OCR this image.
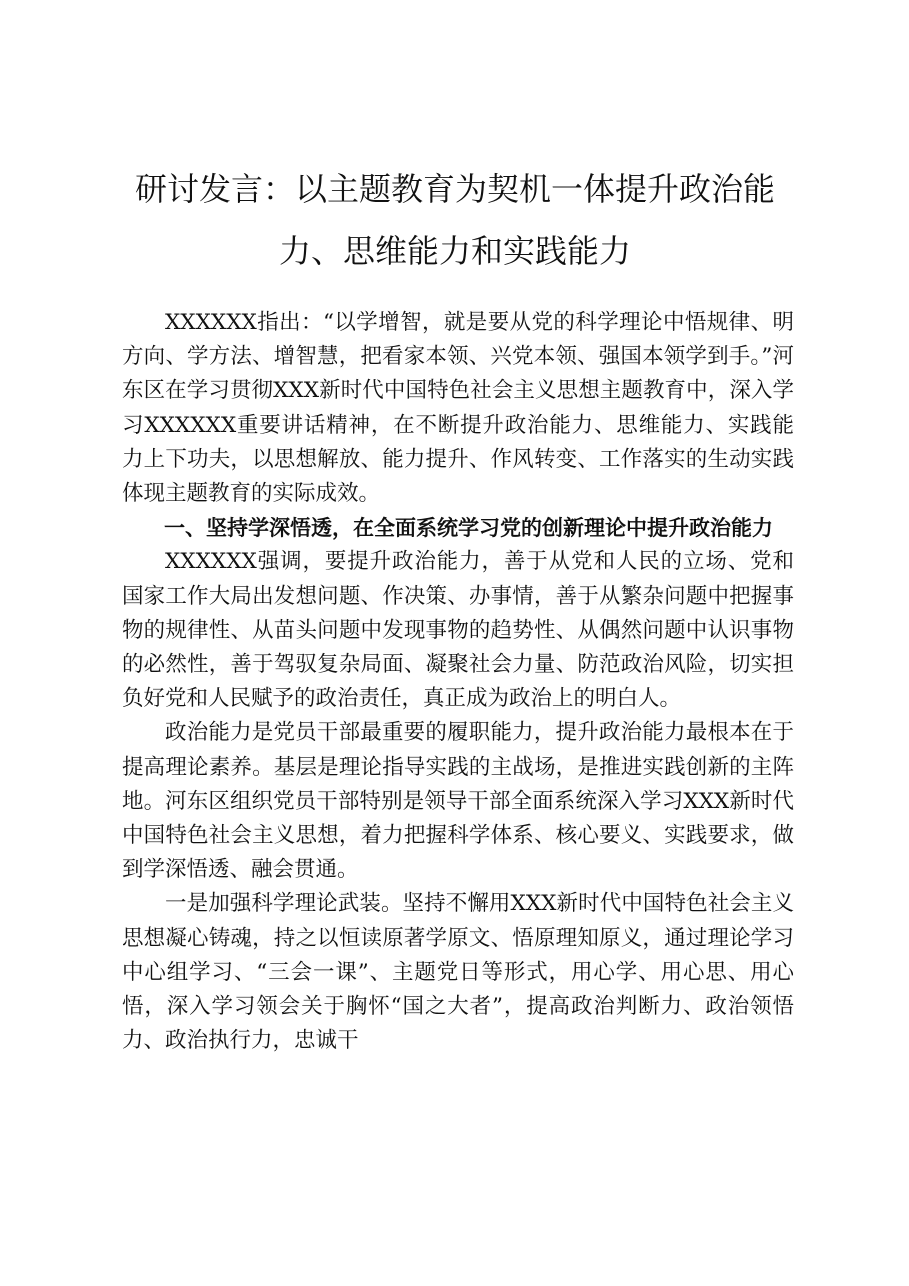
研讨发言：以主题教育为契机一体提升政治能
力、思维能力和实践能力

XXXXXX指出：“以学增智，就是要从党的科学理论中悟规律、明方向、学方法、增智慧，把看家本领、兴党本领、强国本领学到手。”河东区在学习贯彻XXX新时代中国特色社会主义思想主题教育中，深入学习XXXXXX重要讲话精神，在不断提升政治能力、思维能力、实践能力上下功夫，以思想解放、能力提升、作风转变、工作落实的生动实践体现主题教育的实际成效。

一、坚持学深悟透，在全面系统学习党的创新理论中提升政治能力

XXXXXX强调，要提升政治能力，善于从党和人民的立场、党和国家工作大局出发想问题、作决策、办事情，善于从繁杂问题中把握事物的规律性、从苗头问题中发现事物的趋势性、从偶然问题中认识事物的必然性，善于驾驭复杂局面、凝聚社会力量、防范政治风险，切实担负好党和人民赋予的政治责任，真正成为政治上的明白人。

政治能力是党员干部最重要的履职能力，提升政治能力最根本在于提高理论素养。基层是理论指导实践的主战场，是推进实践创新的主阵地。河东区组织党员干部特别是领导干部全面系统深入学习XXX新时代中国特色社会主义思想，着力把握科学体系、核心要义、实践要求，做到学深悟透、融会贯通。

一是加强科学理论武装。坚持不懈用XXX新时代中国特色社会主义思想凝心铸魂，持之以恒读原著学原文、悟原理知原义，通过理论学习中心组学习、“三会一课”、主题党日等形式，用心学、用心思、用心悟，深入学习领会关于胸怀“国之大者”，提高政治判断力、政治领悟力、政治执行力，忠诚干
